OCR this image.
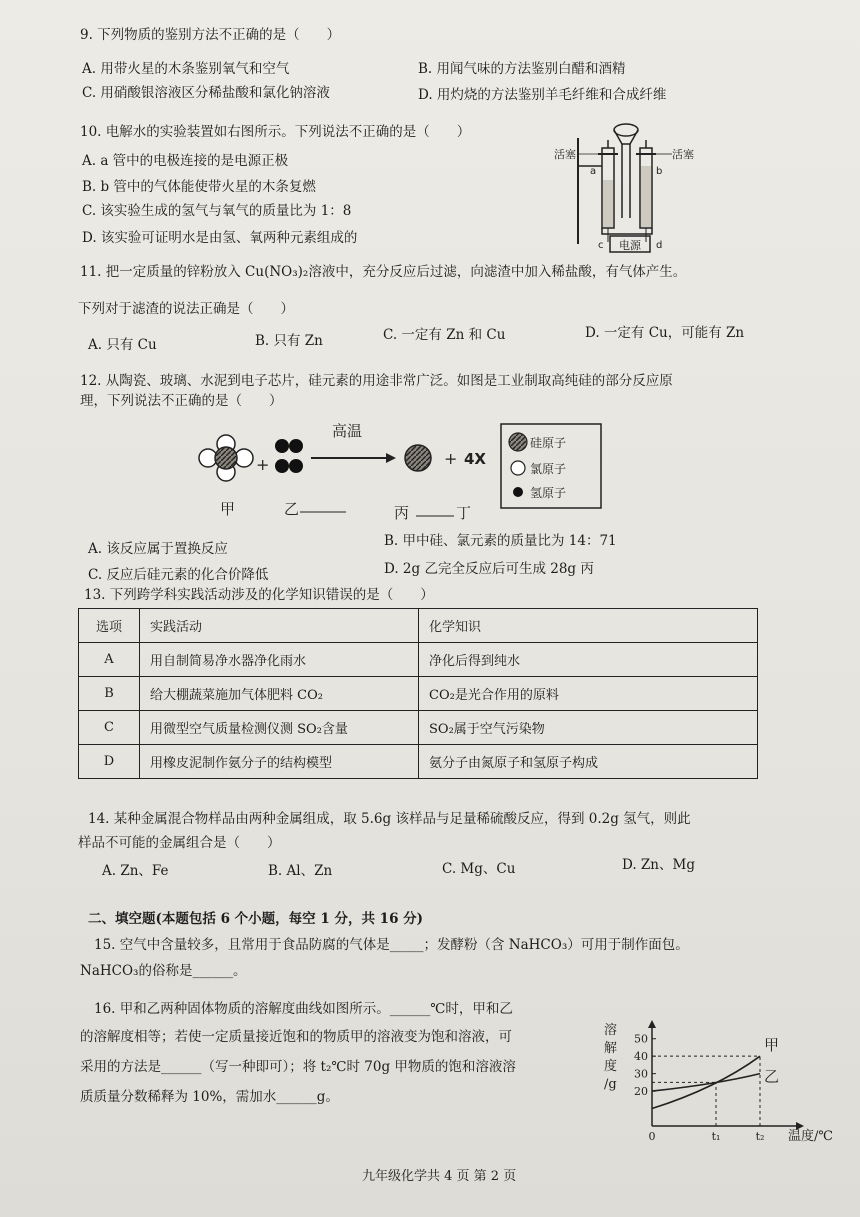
9. 下列物质的鉴别方法不正确的是（　　）
A. 用带火星的木条鉴别氧气和空气	B. 用闻气味的方法鉴别白醋和酒精
C. 用硝酸银溶液区分稀盐酸和氯化钠溶液	D. 用灼烧的方法鉴别羊毛纤维和合成纤维
10. 电解水的实验装置如右图所示。下列说法不正确的是（　　）
A. a 管中的电极连接的是电源正极
B. b 管中的气体能使带火星的木条复燃
C. 该实验生成的氢气与氧气的质量比为 1：8
D. 该实验可证明水是由氢、氧两种元素组成的	电源
活塞	活塞
a	b
c	d
11. 把一定质量的锌粉放入 Cu(NO₃)₂溶液中，充分反应后过滤，向滤渣中加入稀盐酸，有气体产生。
下列对于滤渣的说法正确是（　　）
A. 只有 Cu	B. 只有 Zn	C. 一定有 Zn 和 Cu	D. 一定有 Cu，可能有 Zn
12. 从陶瓷、玻璃、水泥到电子芯片，硅元素的用途非常广泛。如图是工业制取高纯硅的部分反应原
理，下列说法不正确的是（　　）
+
高温
+ 4X
甲	乙	丙	丁
硅原子
氯原子
氢原子
A. 该反应属于置换反应	B. 甲中硅、氯元素的质量比为 14：71
C. 反应后硅元素的化合价降低	D. 2g 乙完全反应后可生成 28g 丙
13. 下列跨学科实践活动涉及的化学知识错误的是（　　）
选项	实践活动	化学知识
A	用自制简易净水器净化雨水	净化后得到纯水
B	给大棚蔬菜施加气体肥料 CO₂	CO₂是光合作用的原料
C	用微型空气质量检测仪测 SO₂含量	SO₂属于空气污染物
D	用橡皮泥制作氨分子的结构模型	氨分子由氮原子和氢原子构成
14. 某种金属混合物样品由两种金属组成，取 5.6g 该样品与足量稀硫酸反应，得到 0.2g 氢气，则此
样品不可能的金属组合是（　　）
A. Zn、Fe	B. Al、Zn	C. Mg、Cu	D. Zn、Mg
二、填空题(本题包括 6 个小题，每空 1 分，共 16 分)
15. 空气中含量较多，且常用于食品防腐的气体是_____；发酵粉（含 NaHCO₃）可用于制作面包。
NaHCO₃的俗称是______。
16. 甲和乙两种固体物质的溶解度曲线如图所示。______℃时，甲和乙
的溶解度相等；若使一定质量接近饱和的物质甲的溶液变为饱和溶液，可
采用的方法是______（写一种即可）；将 t₂℃时 70g 甲物质的饱和溶液溶
质质量分数稀释为 10%，需加水______g。
溶
解
度
/g 20
30
40
50
0	t₁	t₂ 温度/℃
甲
乙
九年级化学共 4 页 第 2 页
